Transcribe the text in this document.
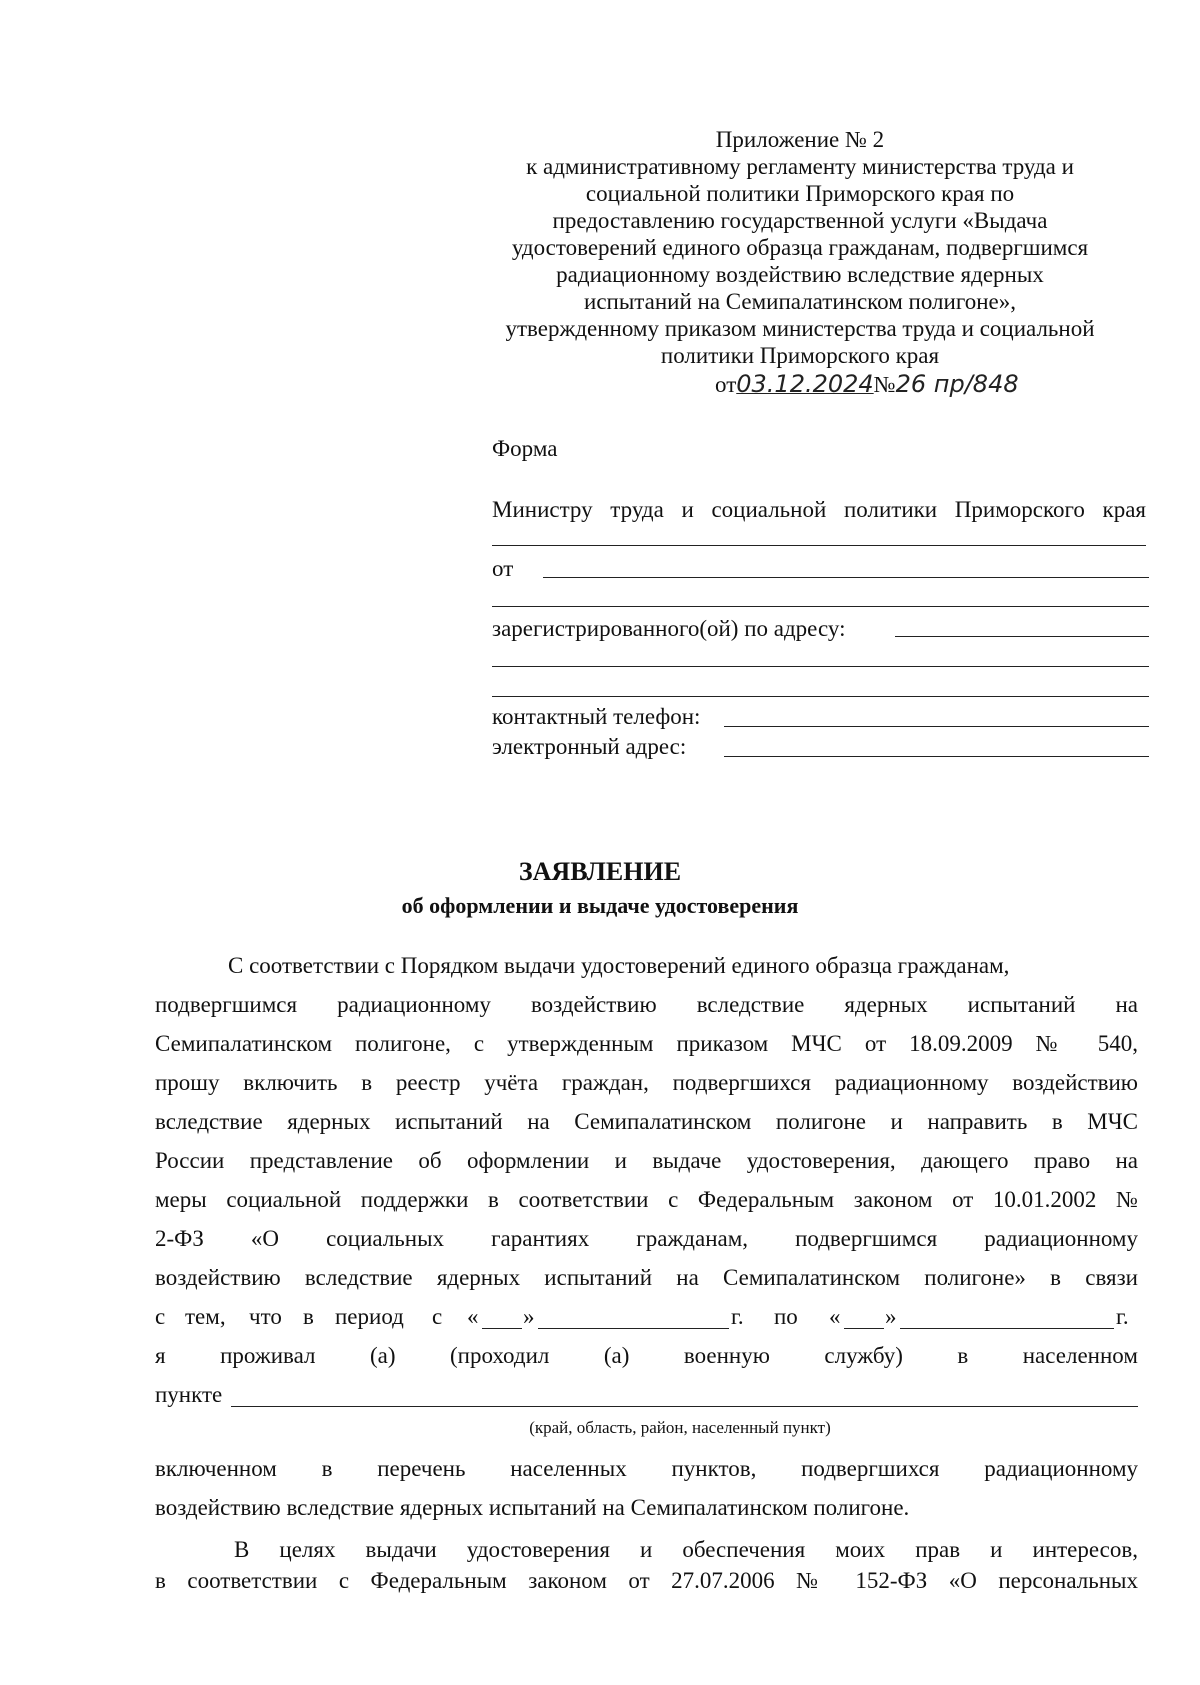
Приложение № 2
к административному регламенту министерства труда и
социальной политики Приморского края по
предоставлению государственной услуги «Выдача
удостоверений единого образца гражданам, подвергшимся
радиационному воздействию вследствие ядерных
испытаний на Семипалатинском полигоне»,
утвержденному приказом министерства труда и социальной
политики Приморского края
от03.12.2024№26 пр/848
Форма
Министру труда и социальной политики Приморского края
от
зарегистрированного(ой) по адресу:
контактный телефон:
электронный адрес:
ЗАЯВЛЕНИЕ
об оформлении и выдаче удостоверения
С соответствии с Порядком выдачи удостоверений единого образца гражданам,
подвергшимся радиационному воздействию вследствие ядерных испытаний на
Семипалатинском полигоне, с утвержденным приказом МЧС от 18.09.2009 № 540,
прошу включить в реестр учёта граждан, подвергшихся радиационному воздействию
вследствие ядерных испытаний на Семипалатинском полигоне и направить в МЧС
России представление об оформлении и выдаче удостоверения, дающего право на
меры социальной поддержки в соответствии с Федеральным законом от 10.01.2002 №
2-ФЗ «О социальных гарантиях гражданам, подвергшимся радиационному
воздействию вследствие ядерных испытаний на Семипалатинском полигоне» в связи
с тем, что в период с « »	г. по « »	г.
я проживал (а) (проходил (а) военную службу) в населенном
пункте
(край, область, район, населенный пункт)
включенном в перечень населенных пунктов, подвергшихся радиационному
воздействию вследствие ядерных испытаний на Семипалатинском полигоне.
В целях выдачи удостоверения и обеспечения моих прав и интересов,
в соответствии с Федеральным законом от 27.07.2006 № 152-ФЗ «О персональных
